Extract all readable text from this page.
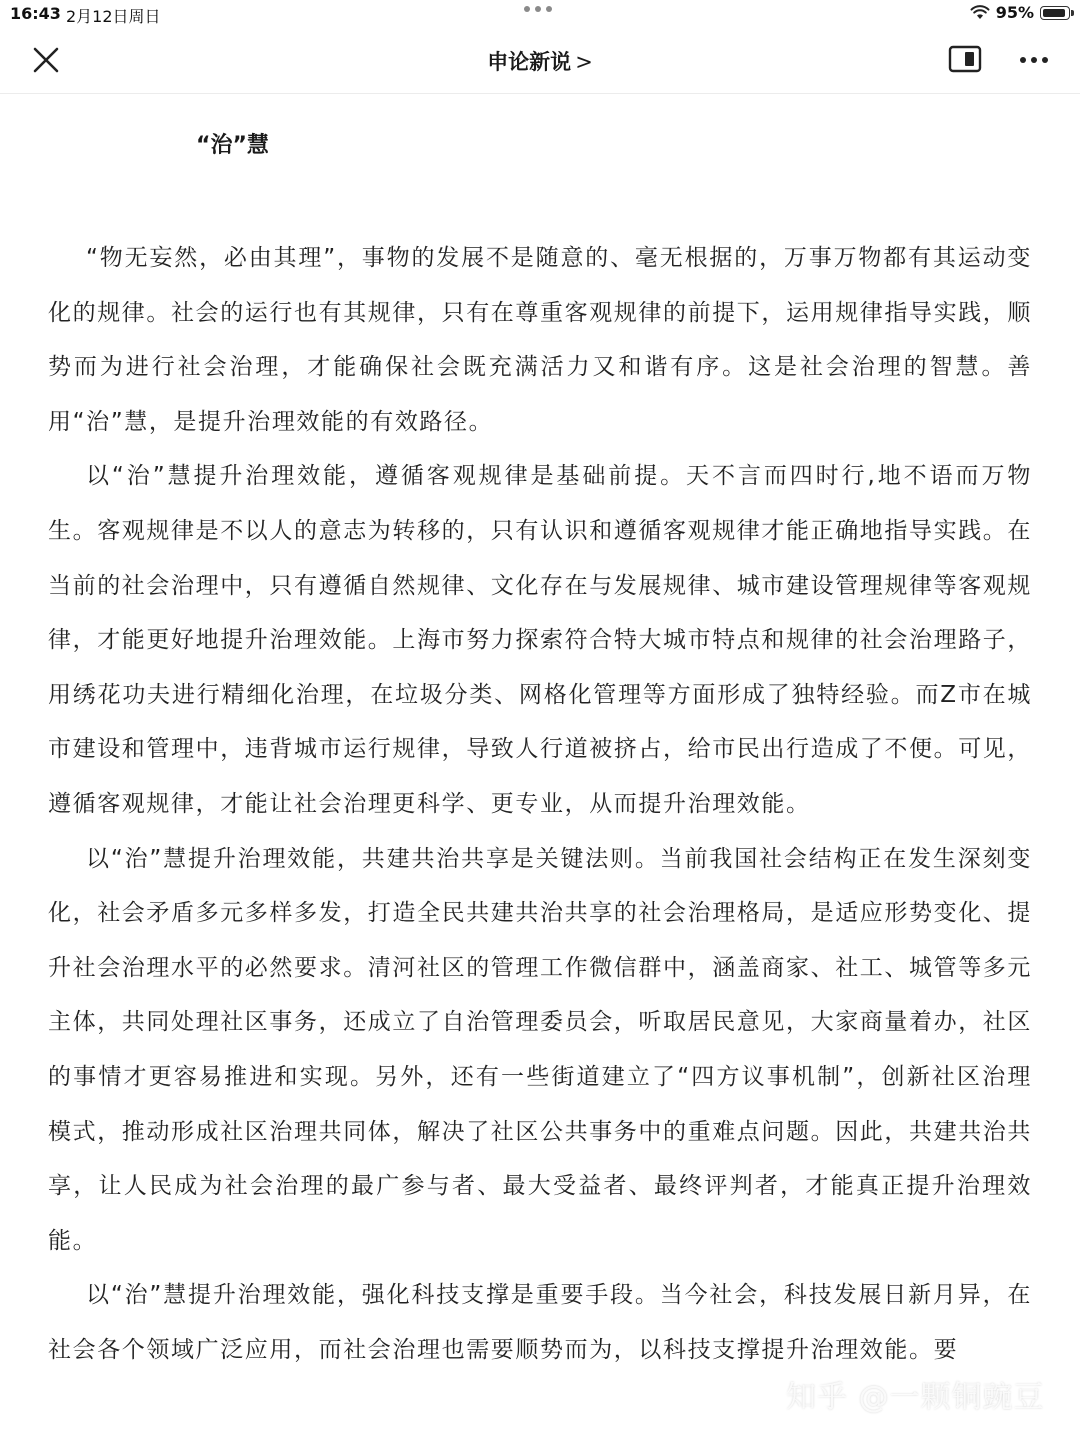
16:43 2月12日周日	95%
申论新说 >
“治”慧

“物无妄然，必由其理”，事物的发展不是随意的、毫无根据的，万事万物都有其运动变化的规律。社会的运行也有其规律，只有在尊重客观规律的前提下，运用规律指导实践，顺势而为进行社会治理，才能确保社会既充满活力又和谐有序。这是社会治理的智慧。善用“治”慧，是提升治理效能的有效路径。

以“治”慧提升治理效能，遵循客观规律是基础前提。天不言而四时行,地不语而万物生。客观规律是不以人的意志为转移的，只有认识和遵循客观规律才能正确地指导实践。在当前的社会治理中，只有遵循自然规律、文化存在与发展规律、城市建设管理规律等客观规律，才能更好地提升治理效能。上海市努力探索符合特大城市特点和规律的社会治理路子，用绣花功夫进行精细化治理，在垃圾分类、网格化管理等方面形成了独特经验。而Z市在城市建设和管理中，违背城市运行规律，导致人行道被挤占，给市民出行造成了不便。可见，遵循客观规律，才能让社会治理更科学、更专业，从而提升治理效能。

以“治”慧提升治理效能，共建共治共享是关键法则。当前我国社会结构正在发生深刻变化，社会矛盾多元多样多发，打造全民共建共治共享的社会治理格局，是适应形势变化、提升社会治理水平的必然要求。清河社区的管理工作微信群中，涵盖商家、社工、城管等多元主体，共同处理社区事务，还成立了自治管理委员会，听取居民意见，大家商量着办，社区的事情才更容易推进和实现。另外，还有一些街道建立了“四方议事机制”，创新社区治理模式，推动形成社区治理共同体，解决了社区公共事务中的重难点问题。因此，共建共治共享，让人民成为社会治理的最广参与者、最大受益者、最终评判者，才能真正提升治理效能。

以“治”慧提升治理效能，强化科技支撑是重要手段。当今社会，科技发展日新月异，在社会各个领域广泛应用，而社会治理也需要顺势而为，以科技支撑提升治理效能。要

知乎 @一颗铜豌豆
